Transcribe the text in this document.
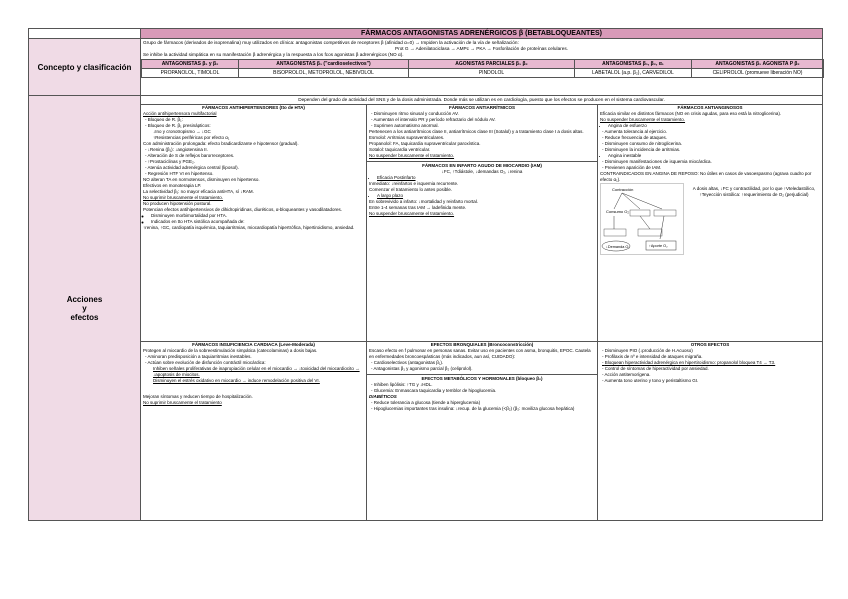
	FÁRMACOS ANTAGONISTAS ADRENÉRGICOS β (BETABLOQUEANTES)
Concepto y clasificación	

Grupo de fármacos (derivados de isoprenalina) muy utilizados en clínica: antagonistas competitivos de receptores β (afinidad α=0) → Impiden la activación de la vía de señalización:

Prot G → Adenilatociclasa → AMPc → PKA → Fosforilación de proteínas celulares.

Se inhibe la actividad simpática en su manifestación β adrenérgica y la respuesta a los fcos agonistas β adrenérgicos (NO α).

ANTAGONISTAS β₁ y β₂	ANTAGONISTAS β₁ ("cardioselectivos")	AGONISTAS PARCIALES β₁ β₂	ANTAGONISTAS β₁, β₂, α₁	ANTAGONISTAS β₁ AGONISTA P β₂
PROPANOLOL, TIMOLOL	BISOPROLOL, METOPROLOL, NEBIVOLOL	PINDOLOL	LABETALOL (a.p. β₂), CARVEDILOL	CELIPROLOL (promueve liberación NO)

Acciones
y
efectos
	Dependen del grado de actividad del SNS y de la dosis administrada. Donde más se utilizan es en cardiología, puesto que los efectos se producen en el sistema cardiovascular.

FÁRMACOS ANTIHIPERTENSORES (tto de HTA)

Acción antihipertensora multifactorial

- Bloqueo de R. β₁:
- Bloqueo de R. β₁ presinápticos:

↓Ino y cronotropismo → ↓GC

↑Resistencias periféricas por efecto α₁

Con administración prolongada: efecto bradicardizante e hipotensor (gradual).

- ↓Renina (β₁): ↓angiotensina II.
- Alteración de S de reflejos barorreceptores.
- ↑Prostaciclinas y PGE₂.
- Atenúa actividad adrenérgica central (liposol).
- Regresión HTF VI en hipertenso.

NO alteran TA en normotensos, disminuyen en hipertenso.

Efectivos en monoterapia LP.

La selectividad β₁: no mayor eficacia antiHTA, sí ↓RAM.

No suprimir bruscamente el tratamiento.

No producen hipotensión postural.

Potencian efectos antihipertensivos de dihidropiridinas, diuréticos, α-bloqueantes y vasodilatadores.

◦ Disminuyen morbimortalidad por HTA.
◦ Indicados en tto HTA sistólica acompañada de:

↑renina, ↑GC, cardiopatía isquémica, taquiarritmias, miocardiopatía hipertrófica, hipertiroidismo, ansiedad.

FÁRMACOS ANTIARRÍTMICOS

- Disminuyen ritmo sinusal y conducción AV.
- Aumentan el intervalo PR y período refractario del nódulo AV.
- Suprimen automatismo anormal.

Pertenecen a los antiarrítmicos clase II, antiarrítmicos clase III (Sotalol) y a tratamiento clase I a dosis altas.

Esmolol: Arritmias supraventriculares.

Propanolol: FA, taquicardia supraventricular paroxística.

Sotalol: taquicardia ventricular.

No suspender bruscamente el tratamiento.

FÁRMACOS EN INFARTO AGUDO DE MIOCARDIO (IAM)

↓FC, ↑Tdiástole, ↓demandas O₂, ↓renina

• Eficacia Postinfarto

Inmediato: ↓reinfartos e isquemia recurrente.

Comenzar el tratamiento lo antes posible.

• A largo plazo

En sobrevivido a infarto: ↓mortalidad y reinfarto mortal.

Entre 1-4 semanas tras IAM → ladefinida mente.

No suspender bruscamente el tratamiento.

FÁRMACOS ANTIANGINOSOS

Eficacia similar en distintos fármacos (NO en crisis agudas, para eso está la nitroglicerina).

No suspender bruscamente el tratamiento.

• Angina de esfuerzo
- Aumenta tolerancia al ejercicio.
- Reduce frecuencia de ataques.
- Disminuyen consumo de nitroglicerina.
- Disminuyen la incidencia de arritmias.
• Angina inestable
- Disminuyen manifestaciones de isquemia miocárdica.
- Previenen aparición de IAM.

CONTRAINDICADOS EN ANGINA DE REPOSO: No útiles en casos de vasoespasmo (agrava cuadro por efecto α₁).

Contracción
Consumo O₂
↓Demanda O₂	↑Aporte O₂

A dosis altas, ↓FC y contractilidad, por lo que ↑Vteledastólico, ↑Teyección sistólica: ↑requerimiento de O₂ (perjudicial)

FÁRMACOS INSUFICIENCIA CARDIACA (Leve-Moderada)

Protegen al miocardio de la sobreestimulación simpática (catecolaminas) a dosis bajas.

- Aminoran predisposición a taquiarritmias inestables.
- Actúan sobre evolución de disfunción contráctil miocárdica:

Inhiben señales proliferativas de inapropiación celular en el miocardio → ↓toxicidad del miocardiocito → ↓apoptosis de miocitos.

Disminuyen el estrés oxidativo en miocardio → induce remodelación positiva del VI.

Mejoran síntomas y reducen tiempo de hospitalización.

No suprimir bruscamente el tratamiento

EFECTOS BRONQUIALES (Broncoconstricción)

Escaso efecto en f pulmonar en personas sanas. Evitar uso en pacientes con asma, bronquitis, EPOC. Cautela en enfermedades broncoespásticas (más indicados, aun así, CUIDADO):

- Cardioselectivos (antagonistas β₁).
- Antagonistas β₁ y agonismo parcial β₂ (celiprolol).

EFECTOS METABÓLICOS Y HORMONALES (bloqueo β₂)

- Inhiben lipólisis: ↑TG y ↓HDL.
- Glucemia: Enmascara taquicardia y temblor de hipoglucemia.

DIABÉTICOS

- Reduce tolerancia a glucosa (tiende a hiperglucemia)
- Hipoglucemias importantes tras insulina: ↓recup. de la glucemia (<β₂) (β₂: moviliza glucosa hepática)

OTROS EFECTOS

- Disminuyen PIO (↓producción de H.Acuoso)
- Profilaxis de nº e intensidad de ataques migraña.
- Bloquean hiperactividad adrenérgica en hipertiroidismo: propanolol bloquea T4 → T3.
- Control de síntomas de hiperactividad por ansiedad.
- Acción antitemorígena.
- Aumenta tono uterino y tono y peristaltismo GI.
